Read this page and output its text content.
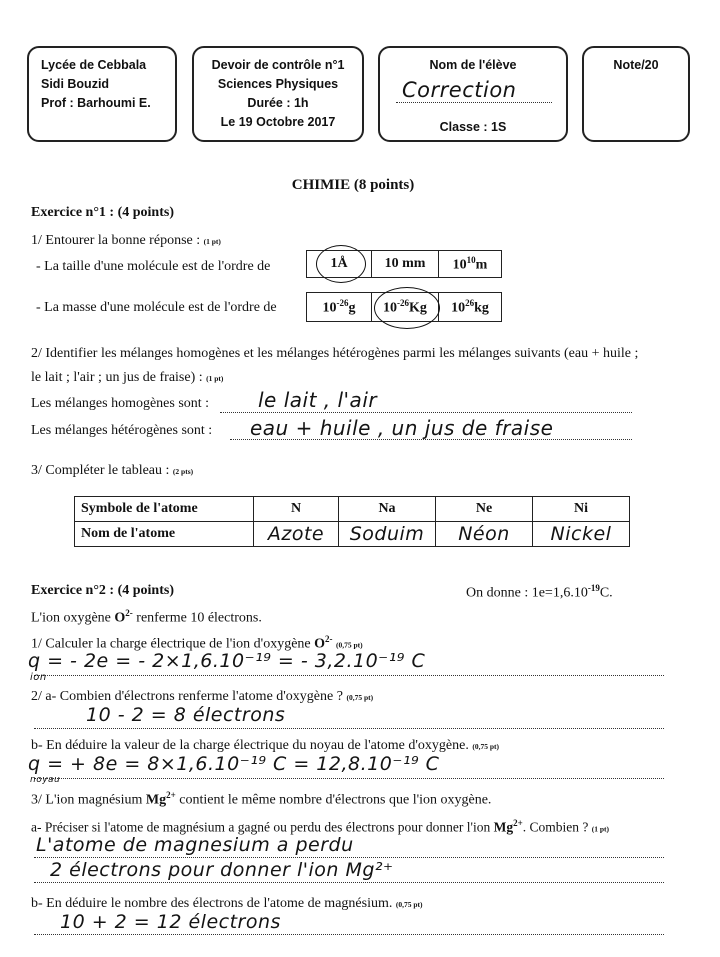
Lycée de Cebbala
Sidi Bouzid
Prof : Barhoumi E.
Devoir de contrôle n°1
Sciences Physiques
Durée : 1h
Le 19 Octobre 2017
Nom de l'élève
Correction
Classe : 1S
Note/20
CHIMIE (8 points)
Exercice n°1 : (4 points)
1/ Entourer la bonne réponse : (1 pt)
- La taille d'une molécule est de l'ordre de	1Å	10 mm	$10^{10}m$
- La masse d'une molécule est de l'ordre de	$10^{-26}g$	$10^{-26}Kg$	$10^{26}kg$
2/ Identifier les mélanges homogènes et les mélanges hétérogènes parmi les mélanges suivants (eau + huile ;
le lait ; l'air ; un jus de fraise) : (1 pt)
Les mélanges homogènes sont : le lait , l'air
Les mélanges hétérogènes sont : eau + huile , un jus de fraise
3/ Compléter le tableau : (2 pts)
Symbole de l'atome	N	Na	Ne	Ni
Nom de l'atome	Azote	Soduim	Néon	Nickel
Exercice n°2 : (4 points)	On donne : $1e=1,6.10^{-19}C$.
L'ion oxygène $O^{2-}$ renferme 10 électrons.
1/ Calculer la charge électrique de l'ion d'oxygène $O^{2-}$ (0,75 pt)
q = - 2e = - 2×1,6.10⁻¹⁹ = - 3,2.10⁻¹⁹ C
ion
2/ a- Combien d'électrons renferme l'atome d'oxygène ? (0,75 pt)
10 - 2 = 8 électrons
b- En déduire la valeur de la charge électrique du noyau de l'atome d'oxygène. (0,75 pt)
q = + 8e = 8×1,6.10⁻¹⁹ C = 12,8.10⁻¹⁹ C
noyau
3/ L'ion magnésium $Mg^{2+}$ contient le même nombre d'électrons que l'ion oxygène.
a- Préciser si l'atome de magnésium a gagné ou perdu des électrons pour donner l'ion $Mg^{2+}$. Combien ? (1 pt)
L'atome de magnesium a perdu
2 électrons pour donner l'ion Mg²⁺
b- En déduire le nombre des électrons de l'atome de magnésium. (0,75 pt)
10 + 2 = 12 électrons
